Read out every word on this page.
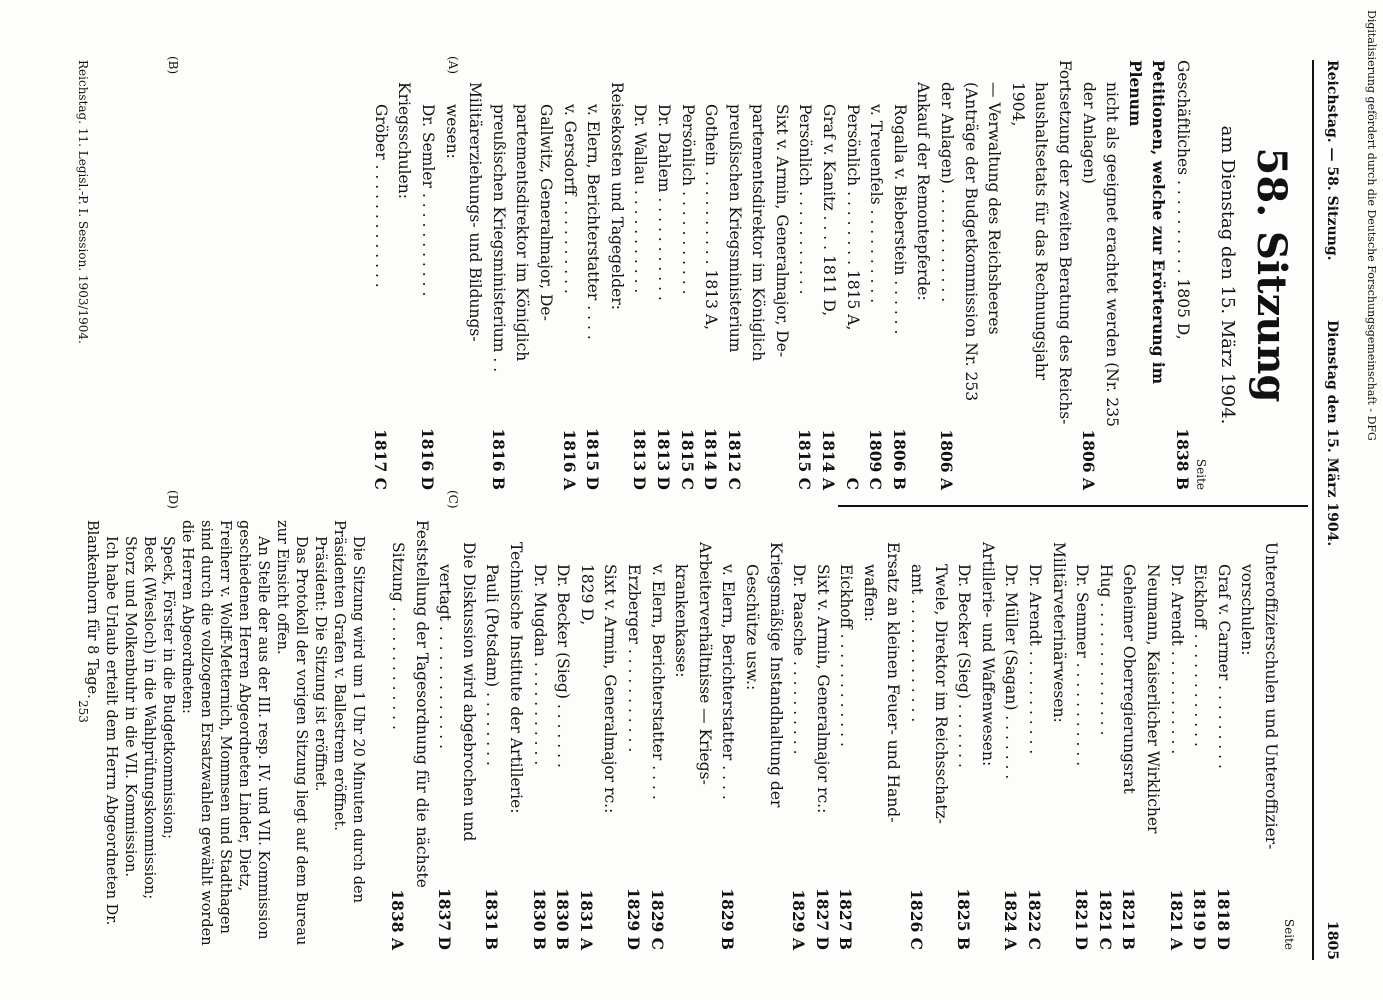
Digitalisierung gefördert durch die Deutsche Forschungsgemeinschaft - DFG
Reichstag. — 58. Sitzung.
Dienstag den 15. März 1904.
1805
58. Sitzung
am Dienstag den 15. März 1904.
Seite
Geschäftliches . . . . . . . . . . 1805 D,
1838 B
Petitionen, welche zur Erörterung im Plenum
nicht als geeignet erachtet werden (Nr. 235
der Anlagen)
1806 A
Fortsetzung der zweiten Beratung des Reichs-
haushaltsetats für das Rechnungsjahr 1904,
— Verwaltung des Reichsheeres
(Anträge der Budgetkommission Nr. 253
der Anlagen) . . . . . . . . . . . .
1806 A
Ankauf der Remontepferde:
Rogalla v. Bieberstein . . . . . .
1806 B
v. Treuenfels . . . . . . . . . .
1809 C
Persönlich . . . . . . . . 1815 A,
C
Graf v. Kanitz . . . . 1811 D,
1814 A
Persönlich . . . . . . . . . . .
1815 C
Sixt v. Armin, Generalmajor, De-
partementsdirektor im Königlich
preußischen Kriegsministerium
1812 C
Gothein . . . . . . . . . . 1813 A,
1814 D
Persönlich . . . . . . . . . . .
1815 C
Dr. Dahlem . . . . . . . . . . .
1813 D
Dr. Wallau . . . . . . . . . . .
1813 D
Reisekosten und Tagegelder:
v. Elern, Berichterstatter . . . .
1815 D
v. Gersdorff . . . . . . . . . .
1816 A
Gallwitz, Generalmajor, De-
partementsdirektor im Königlich
preußischen Kriegsministerium . .
1816 B
Militärerziehungs- und Bildungs-
wesen:
Dr. Semler . . . . . . . . . . .
1816 D
Kriegsschulen:
Gröber . . . . . . . . . . . . .
1817 C
Seite
Unteroffizierschulen und Unteroffizier-
vorschulen:
Graf v. Carmer . . . . . . . . .
1818 D
Eickhoff . . . . . . . . . . . .
1819 D
Dr. Arendt . . . . . . . . . . .
1821 A
Neumann, Kaiserlicher Wirklicher
Geheimer Oberregierungsrat
1821 B
Hug . . . . . . . . . . . . . .
1821 C
Dr. Semmer . . . . . . . . . . .
1821 D
Militärveterinärwesen:
Dr. Arendt . . . . . . . . . . .
1822 C
Dr. Müller (Sagan) . . . . . . .
1824 A
Artillerie- und Waffenwesen:
Dr. Becker (Sieg) . . . . . . .
1825 B
Twele, Direktor im Reichsschatz-
amt . . . . . . . . . . . . .
1826 C
Ersatz an kleinen Feuer- und Hand-
waffen:
Eickhoff . . . . . . . . . . . .
1827 B
Sixt v. Armin, Generalmajor rc.:
1827 D
Dr. Paasche . . . . . . . . . .
1829 A
Kriegsmäßige Instandhaltung der
Geschütze usw.:
v. Elern, Berichterstatter . . . .
1829 B
Arbeiterverhältnisse — Kriegs-
krankenkasse:
v. Elern, Berichterstatter . . . .
1829 C
Erzberger . . . . . . . . . . .
1829 D
Sixt v. Armin, Generalmajor rc.:
1829 D,
1831 A
Dr. Becker (Sieg) . . . . . . .
1830 B
Dr. Mugdan . . . . . . . . . . .
1830 B
Technische Institute der Artillerie:
Pauli (Potsdam) . . . . . . . .
1831 B
Die Diskussion wird abgebrochen und
vertagt . . . . . . . . . . . . .
1837 D
Feststellung der Tagesordnung für die nächste
Sitzung . . . . . . . . . . . . .
1838 A
Die Sitzung wird um 1 Uhr 20 Minuten durch den Präsidenten Grafen v. Ballestrem eröffnet.
Präsident: Die Sitzung ist eröffnet.
Das Protokoll der vorigen Sitzung liegt auf dem Bureau zur Einsicht offen.
An Stelle der aus der III. resp. IV. und VII. Kommission geschiedenen Herren Abgeordneten Linder, Dietz, Freiherr v. Wolff-Metternich, Mommsen und Stadthagen sind durch die vollzogenen Ersatzwahlen gewählt worden die Herren Abgeordneten:
Speck, Förster in die Budgetkommission;
Beck (Wiesloch) in die Wahlprüfungskommission;
Storz und Molkenbuhr in die VII. Kommission.
Ich habe Urlaub erteilt dem Herrn Abgeordneten Dr. Blankenhorn für 8 Tage.
(A)
(B)
(C)
(D)
Reichstag. 11. Legisl.-P. I. Session. 1903/1904.
253
